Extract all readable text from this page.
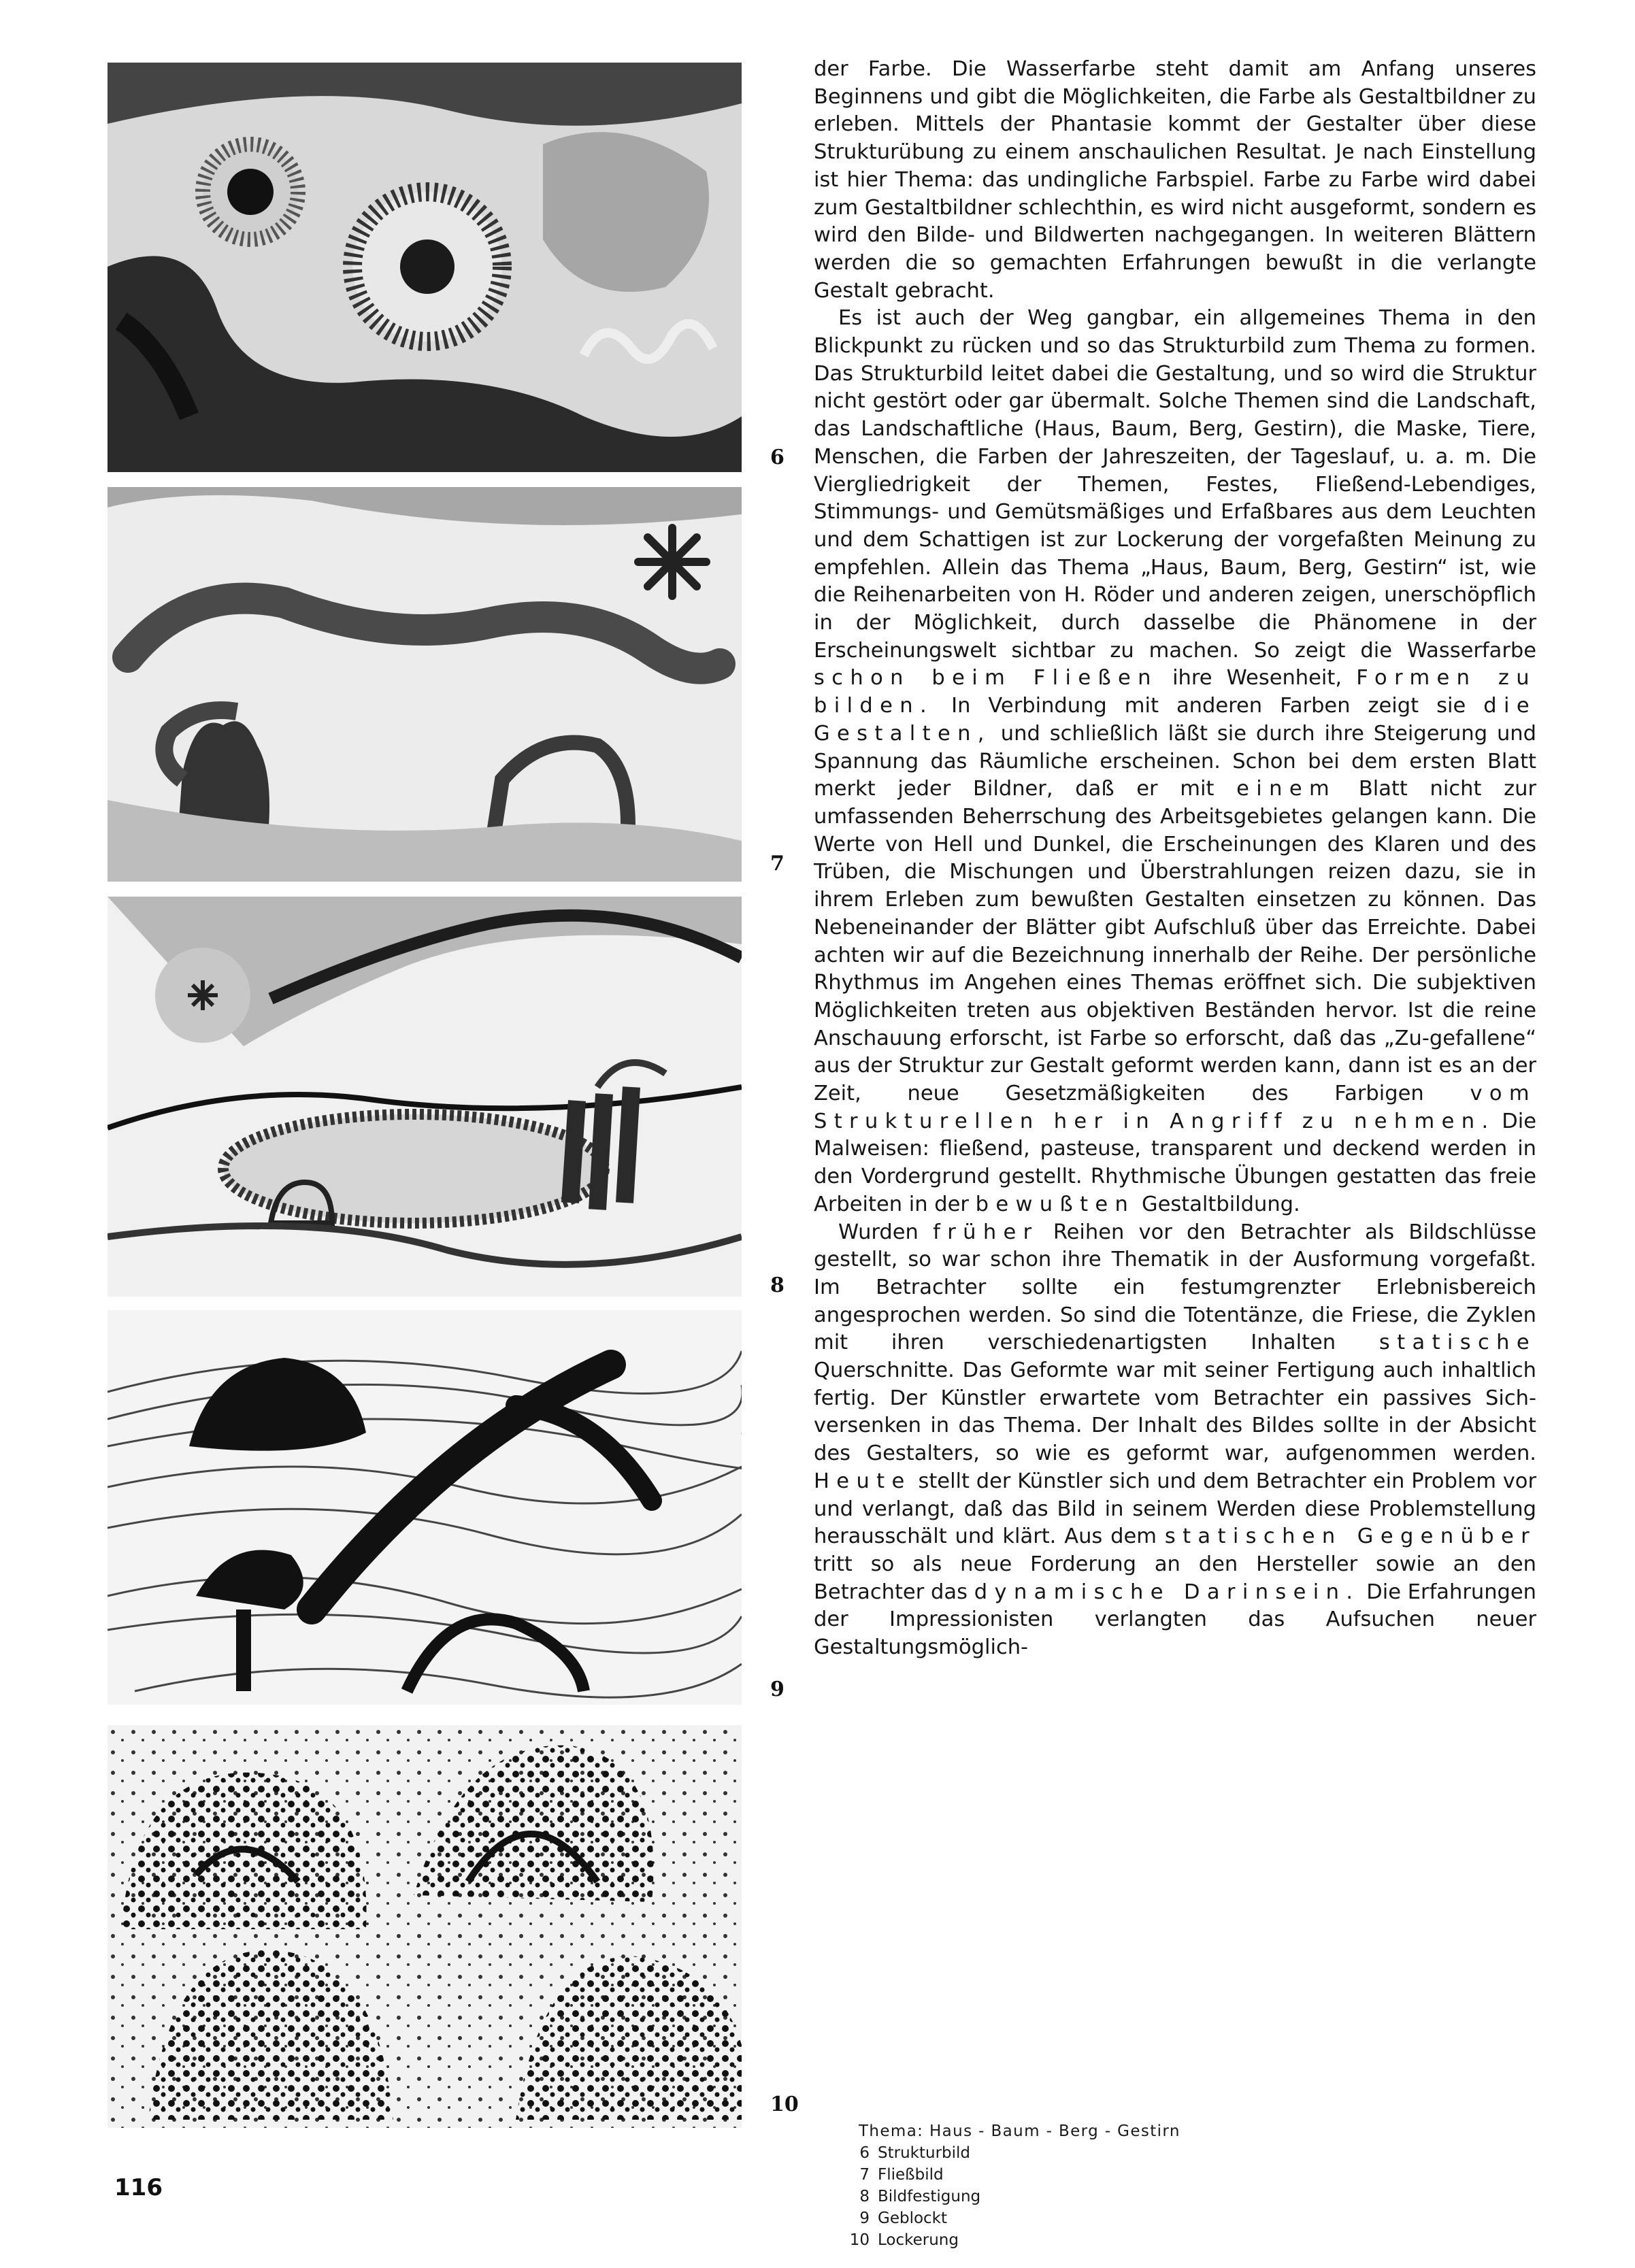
6
7
8
9
10

der Farbe. Die Wasserfarbe steht damit am Anfang unseres Beginnens und gibt die Möglichkeiten, die Farbe als Gestaltbildner zu erleben. Mittels der Phantasie kommt der Gestalter über diese Strukturübung zu einem anschaulichen Resultat. Je nach Einstellung ist hier Thema: das undingliche Farbspiel. Farbe zu Farbe wird dabei zum Gestaltbildner schlechthin, es wird nicht ausgeformt, sondern es wird den Bilde- und Bildwerten nachgegangen. In weiteren Blättern werden die so gemachten Erfahrungen bewußt in die verlangte Gestalt gebracht.

Es ist auch der Weg gangbar, ein allgemeines Thema in den Blickpunkt zu rücken und so das Strukturbild zum Thema zu formen. Das Strukturbild leitet dabei die Gestaltung, und so wird die Struktur nicht gestört oder gar übermalt. Solche Themen sind die Landschaft, das Landschaftliche (Haus, Baum, Berg, Gestirn), die Maske, Tiere, Menschen, die Farben der Jahreszeiten, der Tageslauf, u. a. m. Die Viergliedrigkeit der Themen, Festes, Fließend-Lebendiges, Stimmungs- und Gemütsmäßiges und Erfaßbares aus dem Leuchten und dem Schattigen ist zur Lockerung der vorgefaßten Meinung zu empfehlen. Allein das Thema „Haus, Baum, Berg, Gestirn“ ist, wie die Reihenarbeiten von H. Röder und anderen zeigen, unerschöpflich in der Möglichkeit, durch dasselbe die Phänomene in der Erscheinungswelt sichtbar zu machen. So zeigt die Wasserfarbe schon beim Fließen ihre Wesenheit, Formen zu bilden. In Verbindung mit anderen Farben zeigt sie die Gestalten, und schließlich läßt sie durch ihre Steigerung und Spannung das Räumliche erscheinen. Schon bei dem ersten Blatt merkt jeder Bildner, daß er mit einem Blatt nicht zur umfassenden Beherrschung des Arbeitsgebietes gelangen kann. Die Werte von Hell und Dunkel, die Erscheinungen des Klaren und des Trüben, die Mischungen und Überstrahlungen reizen dazu, sie in ihrem Erleben zum bewußten Gestalten einsetzen zu können. Das Nebeneinander der Blätter gibt Aufschluß über das Erreichte. Dabei achten wir auf die Bezeichnung innerhalb der Reihe. Der persönliche Rhythmus im Angehen eines Themas eröffnet sich. Die subjektiven Möglichkeiten treten aus objektiven Beständen hervor. Ist die reine Anschauung erforscht, ist Farbe so erforscht, daß das „Zu-gefallene“ aus der Struktur zur Gestalt geformt werden kann, dann ist es an der Zeit, neue Gesetzmäßigkeiten des Farbigen vom Strukturellen her in Angriff zu nehmen. Die Malweisen: fließend, pasteuse, transparent und deckend werden in den Vordergrund gestellt. Rhythmische Übungen gestatten das freie Arbeiten in der bewußten Gestaltbildung.

Wurden früher Reihen vor den Betrachter als Bildschlüsse gestellt, so war schon ihre Thematik in der Ausformung vorgefaßt. Im Betrachter sollte ein festumgrenzter Erlebnisbereich angesprochen werden. So sind die Totentänze, die Friese, die Zyklen mit ihren verschiedenartigsten Inhalten statische Querschnitte. Das Geformte war mit seiner Fertigung auch inhaltlich fertig. Der Künstler erwartete vom Betrachter ein passives Sich-versenken in das Thema. Der Inhalt des Bildes sollte in der Absicht des Gestalters, so wie es geformt war, aufgenommen werden. Heute stellt der Künstler sich und dem Betrachter ein Problem vor und verlangt, daß das Bild in seinem Werden diese Problemstellung herausschält und klärt. Aus dem statischen Gegenüber tritt so als neue Forderung an den Hersteller sowie an den Betrachter das dynamische Darinsein. Die Erfahrungen der Impressionisten verlangten das Aufsuchen neuer Gestaltungsmöglich-

Thema: Haus - Baum - Berg - Gestirn
6 Strukturbild
7 Fließbild
8 Bildfestigung
9 Geblockt
10 Lockerung
116
